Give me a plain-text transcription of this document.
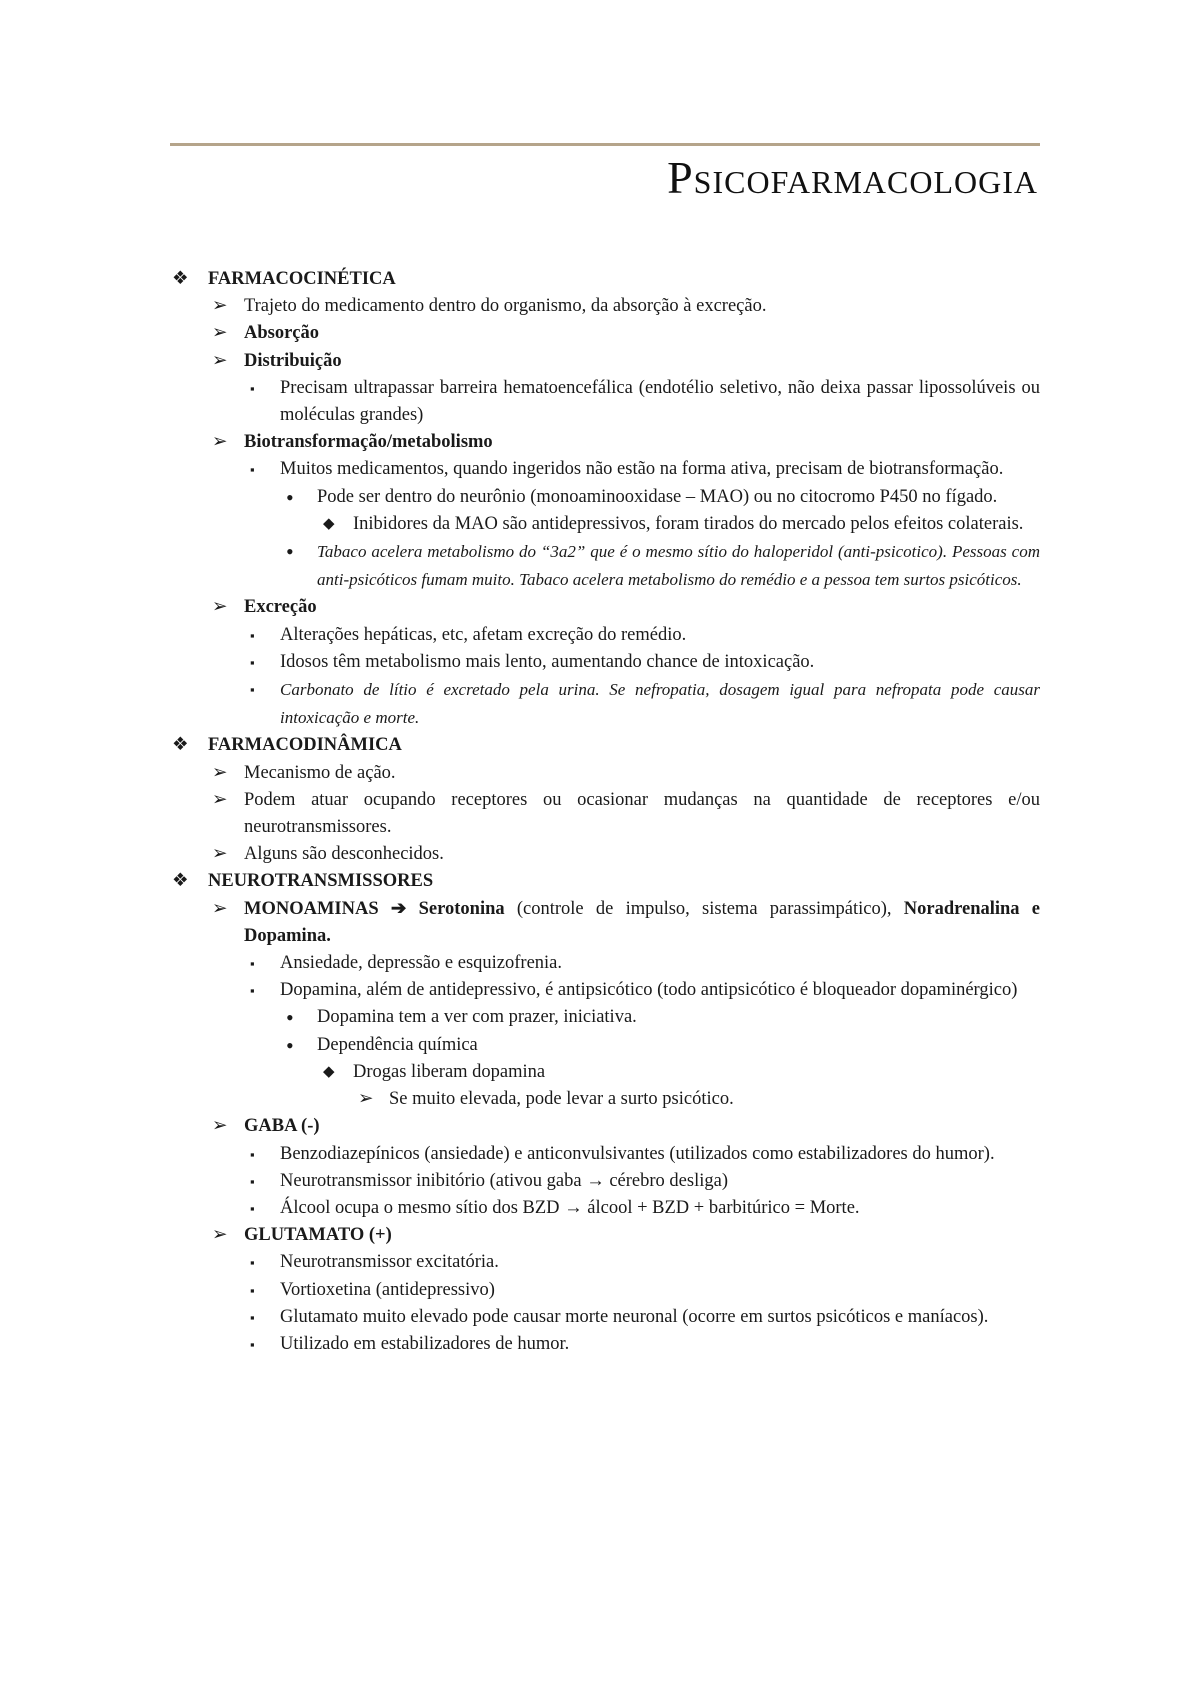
Psicofarmacologia
❖ FARMACOCINÉTICA
➢ Trajeto do medicamento dentro do organismo, da absorção à excreção.
➢ Absorção
➢ Distribuição
▪ Precisam ultrapassar barreira hematoencefálica (endotélio seletivo, não deixa passar lipossolúveis ou moléculas grandes)
➢ Biotransformação/metabolismo
▪ Muitos medicamentos, quando ingeridos não estão na forma ativa, precisam de biotransformação.
• Pode ser dentro do neurônio (monoaminooxidase – MAO) ou no citocromo P450 no fígado.
◆ Inibidores da MAO são antidepressivos, foram tirados do mercado pelos efeitos colaterais.
• Tabaco acelera metabolismo do “3a2” que é o mesmo sítio do haloperidol (anti-psicotico). Pessoas com anti-psicóticos fumam muito. Tabaco acelera metabolismo do remédio e a pessoa tem surtos psicóticos.
➢ Excreção
▪ Alterações hepáticas, etc, afetam excreção do remédio.
▪ Idosos têm metabolismo mais lento, aumentando chance de intoxicação.
▪ Carbonato de lítio é excretado pela urina. Se nefropatia, dosagem igual para nefropata pode causar intoxicação e morte.
❖ FARMACODINÂMICA
➢ Mecanismo de ação.
➢ Podem atuar ocupando receptores ou ocasionar mudanças na quantidade de receptores e/ou neurotransmissores.
➢ Alguns são desconhecidos.
❖ NEUROTRANSMISSORES
➢ MONOAMINAS ➔ Serotonina (controle de impulso, sistema parassimpático), Noradrenalina e Dopamina.
▪ Ansiedade, depressão e esquizofrenia.
▪ Dopamina, além de antidepressivo, é antipsicótico (todo antipsicótico é bloqueador dopaminérgico)
• Dopamina tem a ver com prazer, iniciativa.
• Dependência química
◆ Drogas liberam dopamina
➢ Se muito elevada, pode levar a surto psicótico.
➢ GABA (-)
▪ Benzodiazepínicos (ansiedade) e anticonvulsivantes (utilizados como estabilizadores do humor).
▪ Neurotransmissor inibitório (ativou gaba → cérebro desliga)
▪ Álcool ocupa o mesmo sítio dos BZD → álcool + BZD + barbitúrico = Morte.
➢ GLUTAMATO (+)
▪ Neurotransmissor excitatória.
▪ Vortioxetina (antidepressivo)
▪ Glutamato muito elevado pode causar morte neuronal (ocorre em surtos psicóticos e maníacos).
▪ Utilizado em estabilizadores de humor.
